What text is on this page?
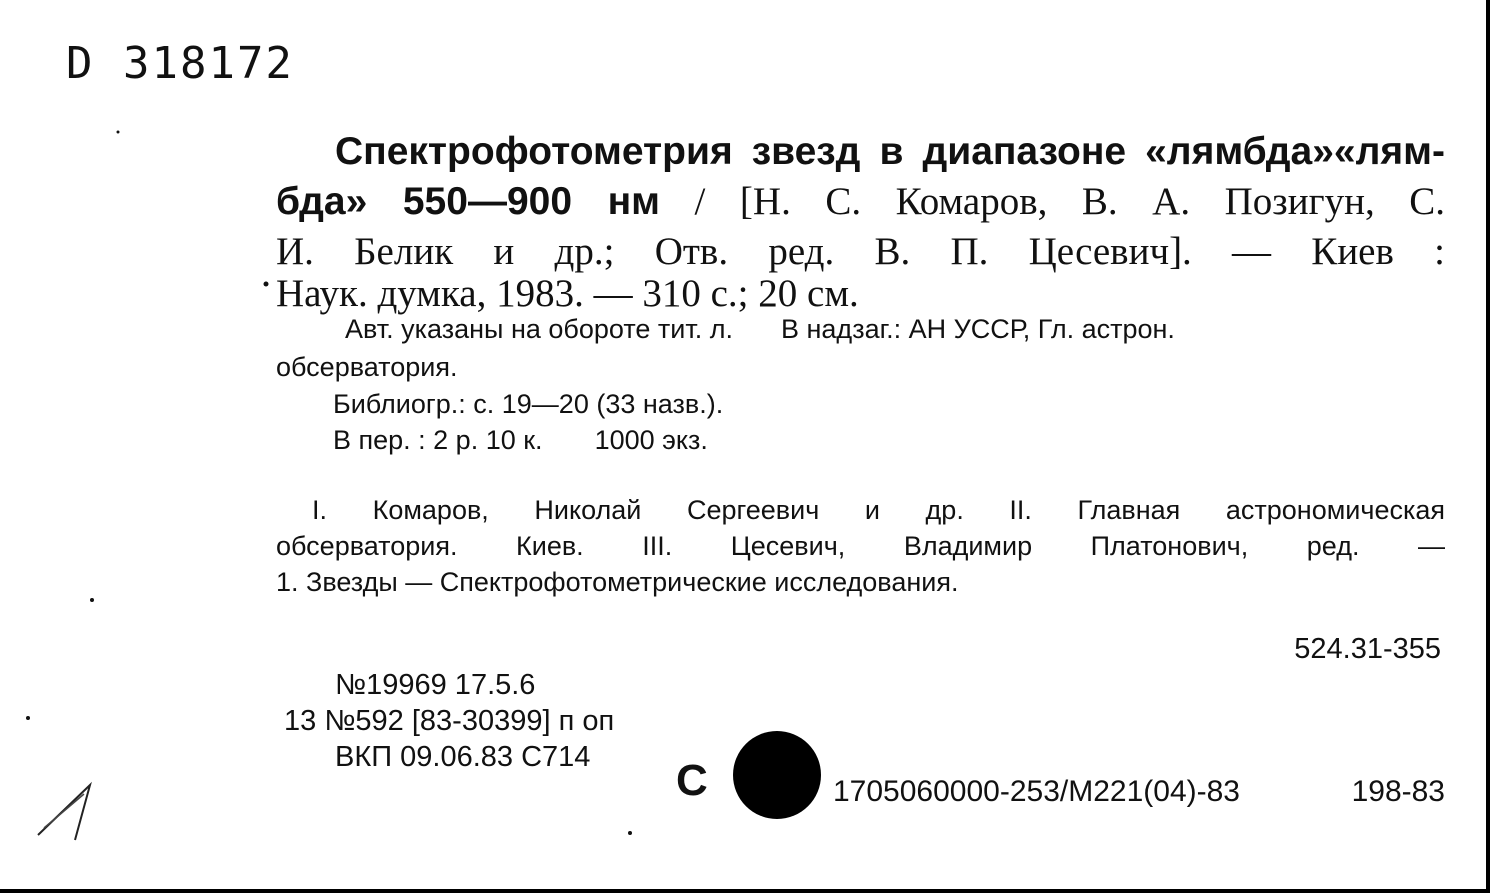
D 318172
Спектрофотометрия звезд в диапазоне «лямбда»«лям-
бда» 550—900 нм / [Н. С. Комаров, В. А. Позигун, С.
И. Белик и др.; Отв. ред. В. П. Цесевич]. — Киев :
Наук. думка, 1983. — 310 с.; 20 см.
Авт. указаны на обороте тит. л. В надзаг.: АН УССР, Гл. астрон.
обсерватория.
Библиогр.: с. 19—20 (33 назв.).
В пер. : 2 р. 10 к. 1000 экз.
I. Комаров, Николай Сергеевич и др. II. Главная астрономическая
обсерватория. Киев. III. Цесевич, Владимир Платонович, ред. —
1. Звезды — Спектрофотометрические исследования.
524.31-355
№19969 17.5.6
13 №592 [83-30399] п оп
ВКП 09.06.83 С714 С	1705060000-253/М221(04)-83 198-83
